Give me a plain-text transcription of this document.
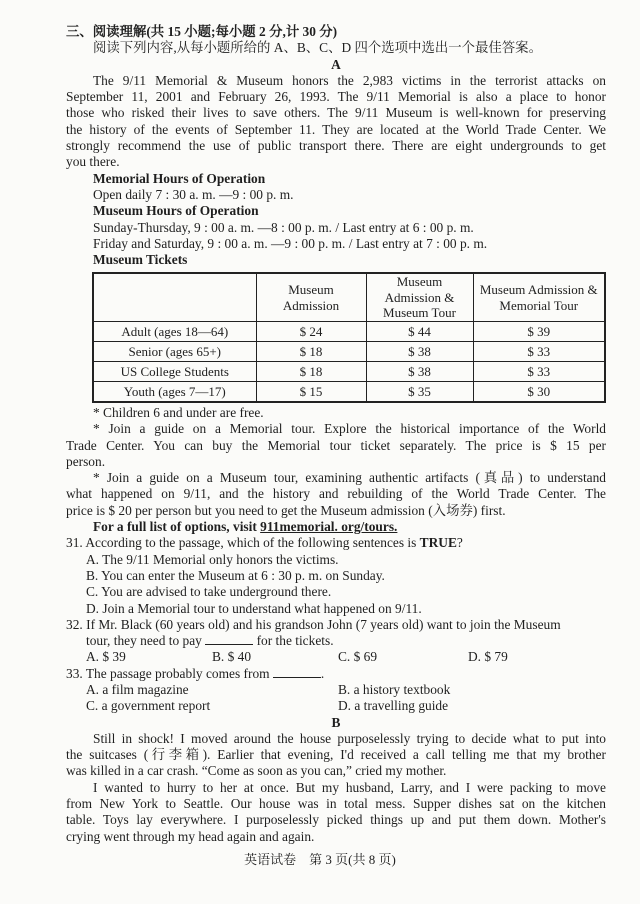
三、阅读理解(共 15 小题;每小题 2 分,计 30 分)
阅读下列内容,从每小题所给的 A、B、C、D 四个选项中选出一个最佳答案。
A
The 9/11 Memorial & Museum honors the 2,983 victims in the terrorist attacks on
September 11, 2001 and February 26, 1993. The 9/11 Memorial is also a place to honor
those who risked their lives to save others. The 9/11 Museum is well-known for preserving
the history of the events of September 11. They are located at the World Trade Center. We
strongly recommend the use of public transport there. There are eight undergrounds to get
you there.
Memorial Hours of Operation
Open daily 7 : 30 a. m. —9 : 00 p. m.
Museum Hours of Operation
Sunday-Thursday, 9 : 00 a. m. —8 : 00 p. m. / Last entry at 6 : 00 p. m.
Friday and Saturday, 9 : 00 a. m. —9 : 00 p. m. / Last entry at 7 : 00 p. m.
Museum Tickets
	Museum Admission	Museum Admission & Museum Tour	Museum Admission & Memorial Tour
Adult (ages 18—64)	$ 24	$ 44	$ 39
Senior (ages 65+)	$ 18	$ 38	$ 33
US College Students	$ 18	$ 38	$ 33
Youth (ages 7—17)	$ 15	$ 35	$ 30
* Children 6 and under are free.
* Join a guide on a Memorial tour. Explore the historical importance of the World
Trade Center. You can buy the Memorial tour ticket separately. The price is $ 15 per
person.
* Join a guide on a Museum tour, examining authentic artifacts (真品) to understand
what happened on 9/11, and the history and rebuilding of the World Trade Center. The
price is $ 20 per person but you need to get the Museum admission (入场券) first.
For a full list of options, visit 911memorial. org/tours.
31. According to the passage, which of the following sentences is TRUE?
A. The 9/11 Memorial only honors the victims.
B. You can enter the Museum at 6 : 30 p. m. on Sunday.
C. You are advised to take underground there.
D. Join a Memorial tour to understand what happened on 9/11.
32. If Mr. Black (60 years old) and his grandson John (7 years old) want to join the Museum
tour, they need to pay	for the tickets.
A. $ 39	B. $ 40	C. $ 69	D. $ 79
33. The passage probably comes from	.
A. a film magazine	B. a history textbook
C. a government report	D. a travelling guide
B
Still in shock! I moved around the house purposelessly trying to decide what to put into
the suitcases (行李箱). Earlier that evening, I'd received a call telling me that my brother
was killed in a car crash. “Come as soon as you can,” cried my mother.
I wanted to hurry to her at once. But my husband, Larry, and I were packing to move
from New York to Seattle. Our house was in total mess. Supper dishes sat on the kitchen
table. Toys lay everywhere. I purposelessly picked things up and put them down. Mother's
crying went through my head again and again.
英语试卷　第 3 页(共 8 页)
